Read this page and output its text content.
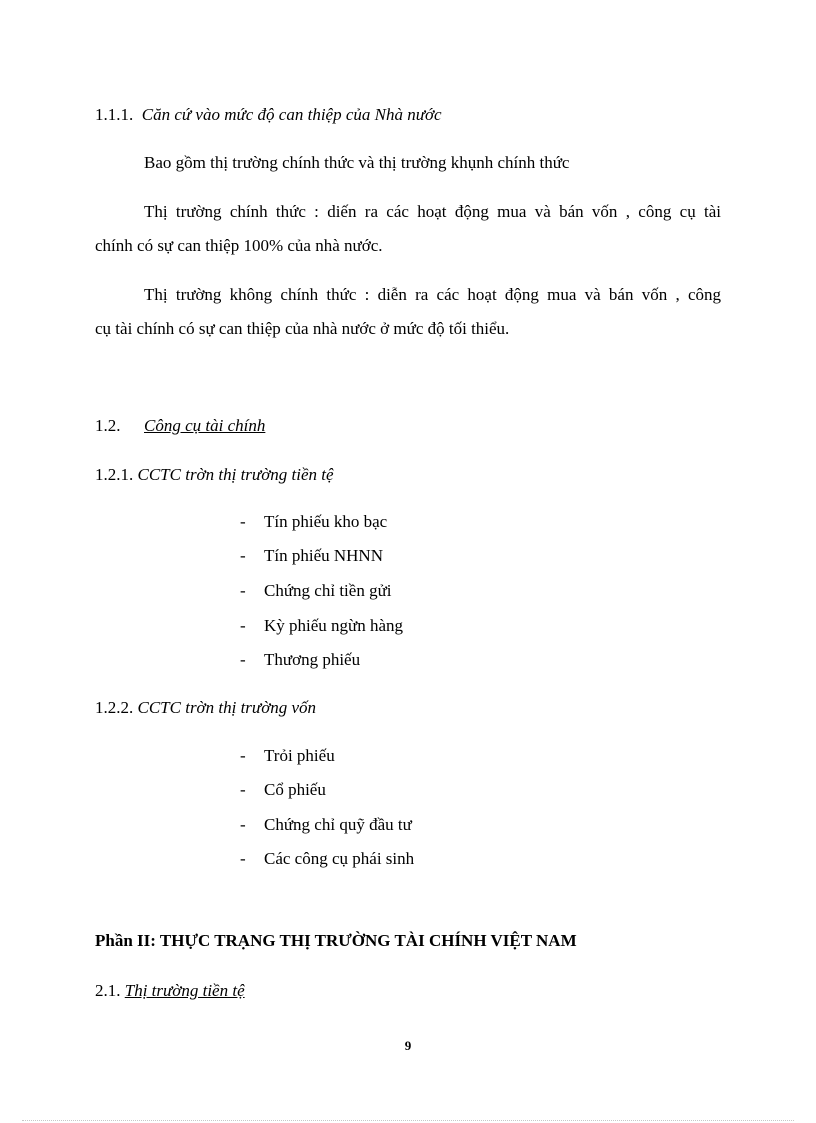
1.1.1. Căn cứ vào mức độ can thiệp của Nhà nước
Bao gồm thị trường chính thức và thị trường khụnh chính thức
Thị trường chính thức : diến ra các hoạt động mua và bán vốn , công cụ tài
chính có sự can thiệp 100% của nhà nước.
Thị trường không chính thức : diễn ra các hoạt động mua và bán vốn , công
cụ tài chính có sự can thiệp của nhà nước ở mức độ tối thiểu.
1.2. Công cụ tài chính
1.2.1. CCTC trờn thị trường tiền tệ
- Tín phiếu kho bạc
- Tín phiếu NHNN
- Chứng chỉ tiền gửi
- Kỳ phiếu ngừn hàng
- Thương phiếu
1.2.2. CCTC trờn thị trường vốn
- Trỏi phiếu
- Cổ phiếu
- Chứng chỉ quỹ đầu tư
- Các công cụ phái sinh
Phần II: THỰC TRẠNG THỊ TRƯỜNG TÀI CHÍNH VIỆT NAM
2.1. Thị trường tiền tệ
9
